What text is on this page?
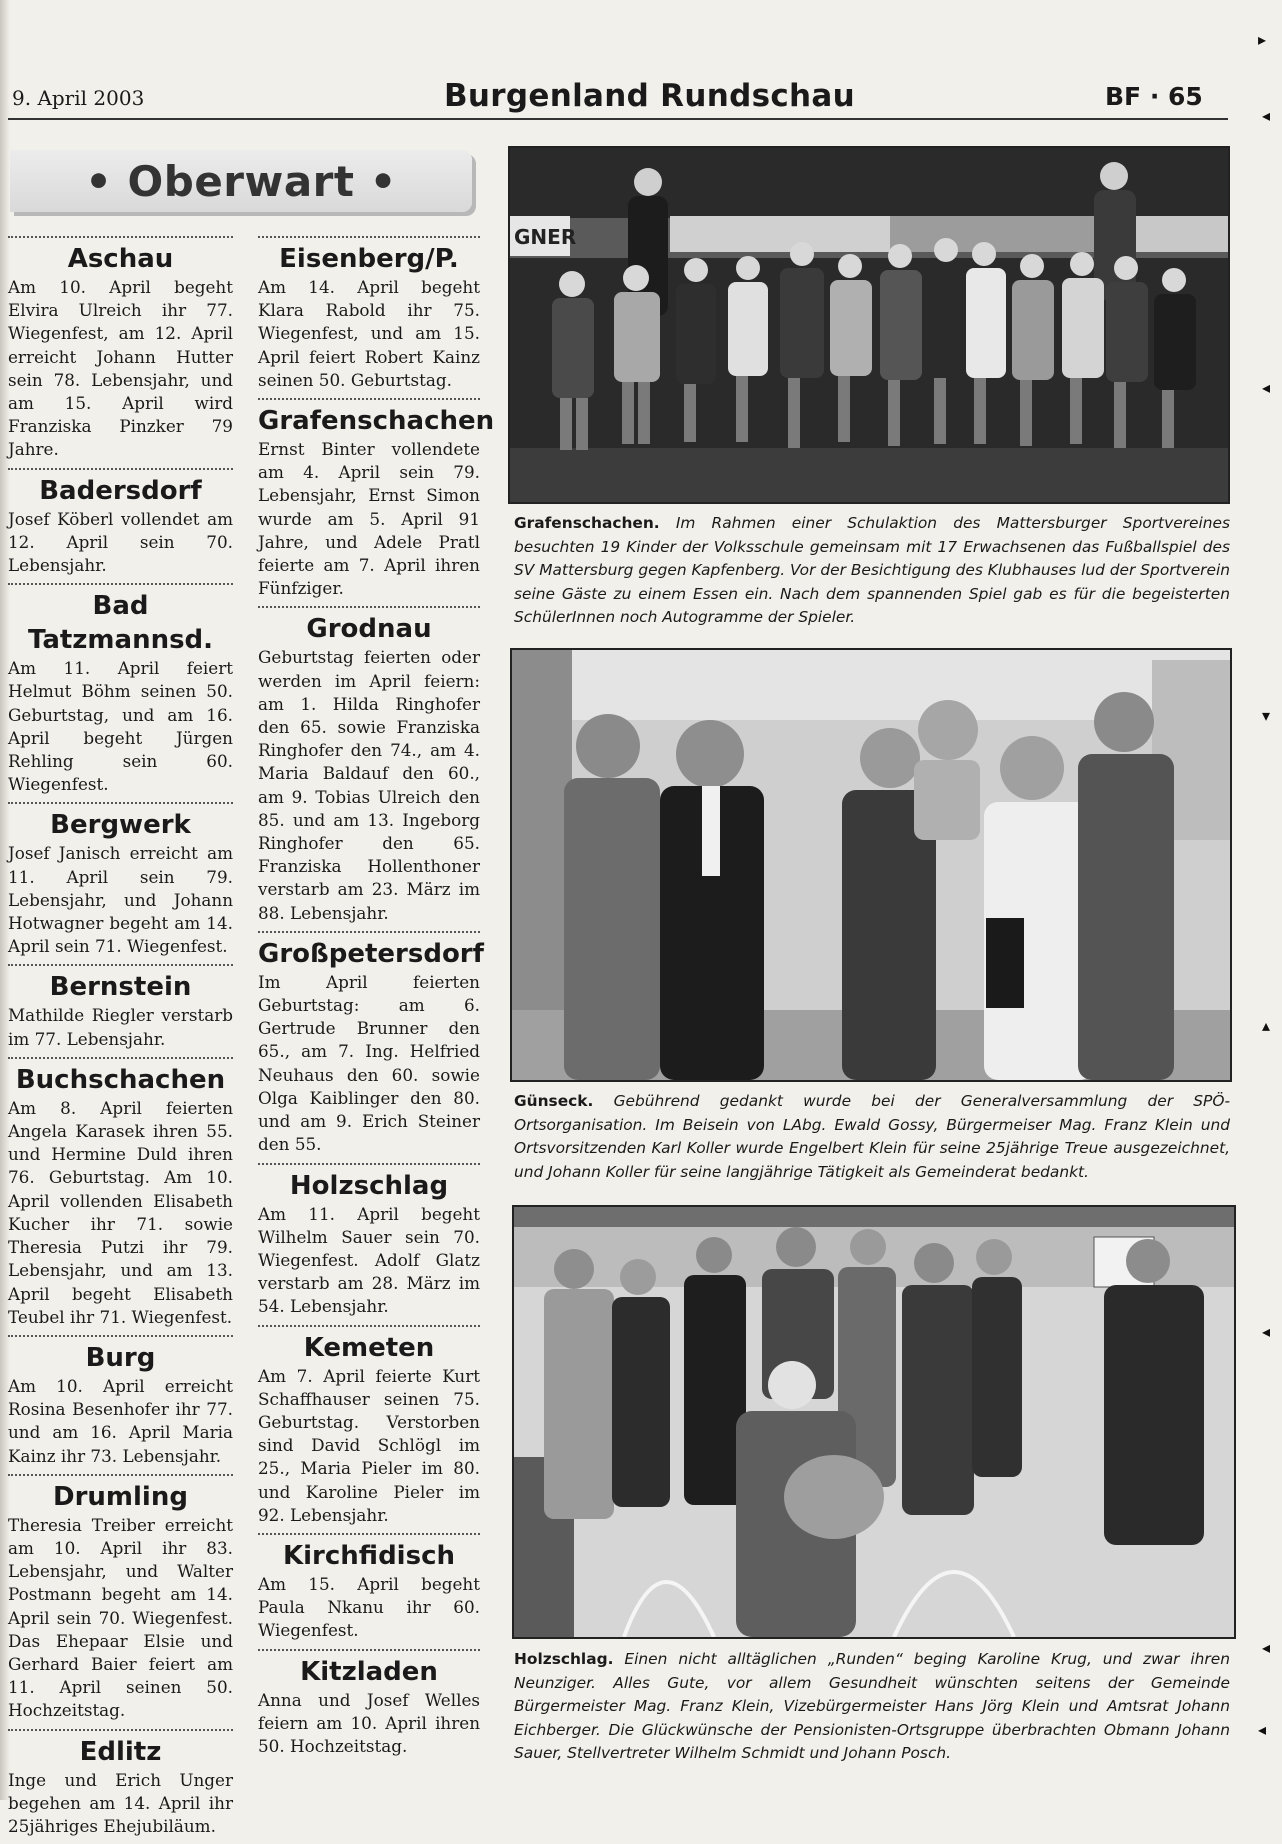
9. April 2003	Burgenland Rundschau	BF · 65
• Oberwart •

Aschau

Am 10. April begeht Elvira Ulreich ihr 77. Wiegenfest, am 12. April erreicht Johann Hutter sein 78. Lebensjahr, und am 15. April wird Franziska Pinzker 79 Jahre.

Badersdorf

Josef Köberl vollendet am 12. April sein 70. Lebensjahr.

Bad Tatzmannsd.

Am 11. April feiert Helmut Böhm seinen 50. Geburtstag, und am 16. April begeht Jürgen Rehling sein 60. Wiegenfest.

Bergwerk

Josef Janisch erreicht am 11. April sein 79. Lebensjahr, und Johann Hotwagner begeht am 14. April sein 71. Wiegenfest.

Bernstein

Mathilde Riegler verstarb im 77. Lebensjahr.

Buchschachen

Am 8. April feierten Angela Karasek ihren 55. und Hermine Duld ihren 76. Geburtstag. Am 10. April vollenden Elisabeth Kucher ihr 71. sowie Theresia Putzi ihr 79. Lebensjahr, und am 13. April begeht Elisabeth Teubel ihr 71. Wiegenfest.

Burg

Am 10. April erreicht Rosina Besenhofer ihr 77. und am 16. April Maria Kainz ihr 73. Lebensjahr.

Drumling

Theresia Treiber erreicht am 10. April ihr 83. Lebensjahr, und Walter Postmann begeht am 14. April sein 70. Wiegenfest. Das Ehepaar Elsie und Gerhard Baier feiert am 11. April seinen 50. Hochzeitstag.

Edlitz

Inge und Erich Unger begehen am 14. April ihr 25jähriges Ehejubiläum.

Eisenberg/P.

Am 14. April begeht Klara Rabold ihr 75. Wiegenfest, und am 15. April feiert Robert Kainz seinen 50. Geburtstag.

Grafenschachen

Ernst Binter vollendete am 4. April sein 79. Lebensjahr, Ernst Simon wurde am 5. April 91 Jahre, und Adele Pratl feierte am 7. April ihren Fünfziger.

Grodnau

Geburtstag feierten oder werden im April feiern: am 1. Hilda Ringhofer den 65. sowie Franziska Ringhofer den 74., am 4. Maria Baldauf den 60., am 9. Tobias Ulreich den 85. und am 13. Ingeborg Ringhofer den 65. Franziska Hollenthoner verstarb am 23. März im 88. Lebensjahr.

Großpetersdorf

Im April feierten Geburtstag: am 6. Gertrude Brunner den 65., am 7. Ing. Helfried Neuhaus den 60. sowie Olga Kaiblinger den 80. und am 9. Erich Steiner den 55.

Holzschlag

Am 11. April begeht Wilhelm Sauer sein 70. Wiegenfest. Adolf Glatz verstarb am 28. März im 54. Lebensjahr.

Kemeten

Am 7. April feierte Kurt Schaffhauser seinen 75. Geburtstag. Verstorben sind David Schlögl im 25., Maria Pieler im 80. und Karoline Pieler im 92. Lebensjahr.

Kirchfidisch

Am 15. April begeht Paula Nkanu ihr 60. Wiegenfest.

Kitzladen

Anna und Josef Welles feiern am 10. April ihren 50. Hochzeitstag.

GNER

Grafenschachen. Im Rahmen einer Schulaktion des Mattersburger Sportvereines besuchten 19 Kinder der Volksschule gemeinsam mit 17 Erwachsenen das Fußballspiel des SV Mattersburg gegen Kapfenberg. Vor der Besichtigung des Klubhauses lud der Sportverein seine Gäste zu einem Essen ein. Nach dem spannenden Spiel gab es für die begeisterten SchülerInnen noch Autogramme der Spieler.

Günseck. Gebührend gedankt wurde bei der Generalversammlung der SPÖ-Ortsorganisation. Im Beisein von LAbg. Ewald Gossy, Bürgermeiser Mag. Franz Klein und Ortsvorsitzenden Karl Koller wurde Engelbert Klein für seine 25jährige Treue ausgezeichnet, und Johann Koller für seine langjährige Tätigkeit als Gemeinderat bedankt.

Holzschlag. Einen nicht alltäglichen „Runden“ beging Karoline Krug, und zwar ihren Neunziger. Alles Gute, vor allem Gesundheit wünschten seitens der Gemeinde Bürgermeister Mag. Franz Klein, Vizebürgermeister Hans Jörg Klein und Amtsrat Johann Eichberger. Die Glückwünsche der Pensionisten-Ortsgruppe überbrachten Obmann Johann Sauer, Stellvertreter Wilhelm Schmidt und Johann Posch.

▸
◂
◂
▾
▴
◂
◂
◂
